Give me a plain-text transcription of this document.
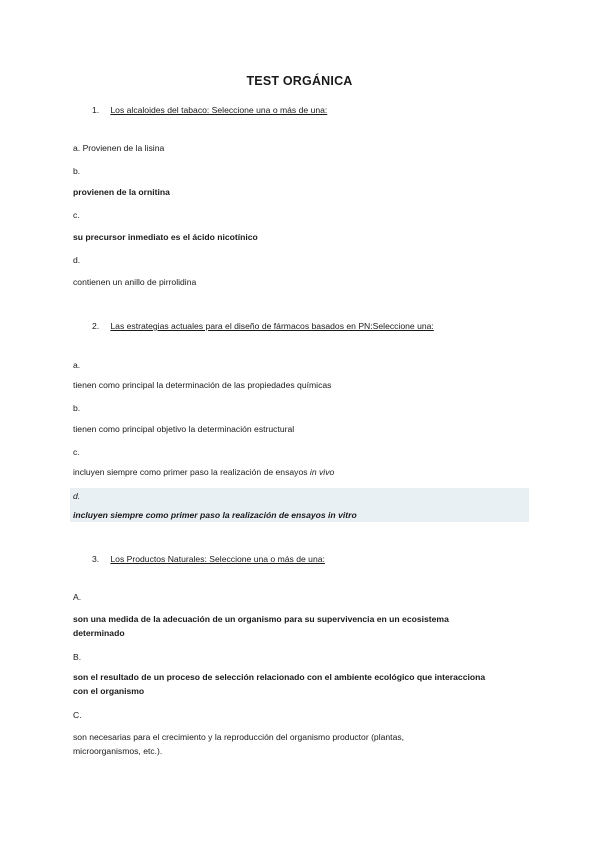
TEST ORGÁNICA
1. Los alcaloides del tabaco: Seleccione una o más de una:
a. Provienen de la lisina
b.
provienen de la ornitina
c.
su precursor inmediato es el ácido nicotínico
d.
contienen un anillo de pirrolidina
2. Las estrategias actuales para el diseño de fármacos basados en PN:Seleccione una:
a.
tienen como principal la determinación de las propiedades químicas
b.
tienen como principal objetivo la determinación estructural
c.
incluyen siempre como primer paso la realización de ensayos in vivo
d.
incluyen siempre como primer paso la realización de ensayos in vitro
3. Los Productos Naturales: Seleccione una o más de una:
A.
son una medida de la adecuación de un organismo para su supervivencia en un ecosistema
determinado
B.
son el resultado de un proceso de selección relacionado con el ambiente ecológico que interacciona
con el organismo
C.
son necesarias para el crecimiento y la reproducción del organismo productor (plantas,
microorganismos, etc.).
